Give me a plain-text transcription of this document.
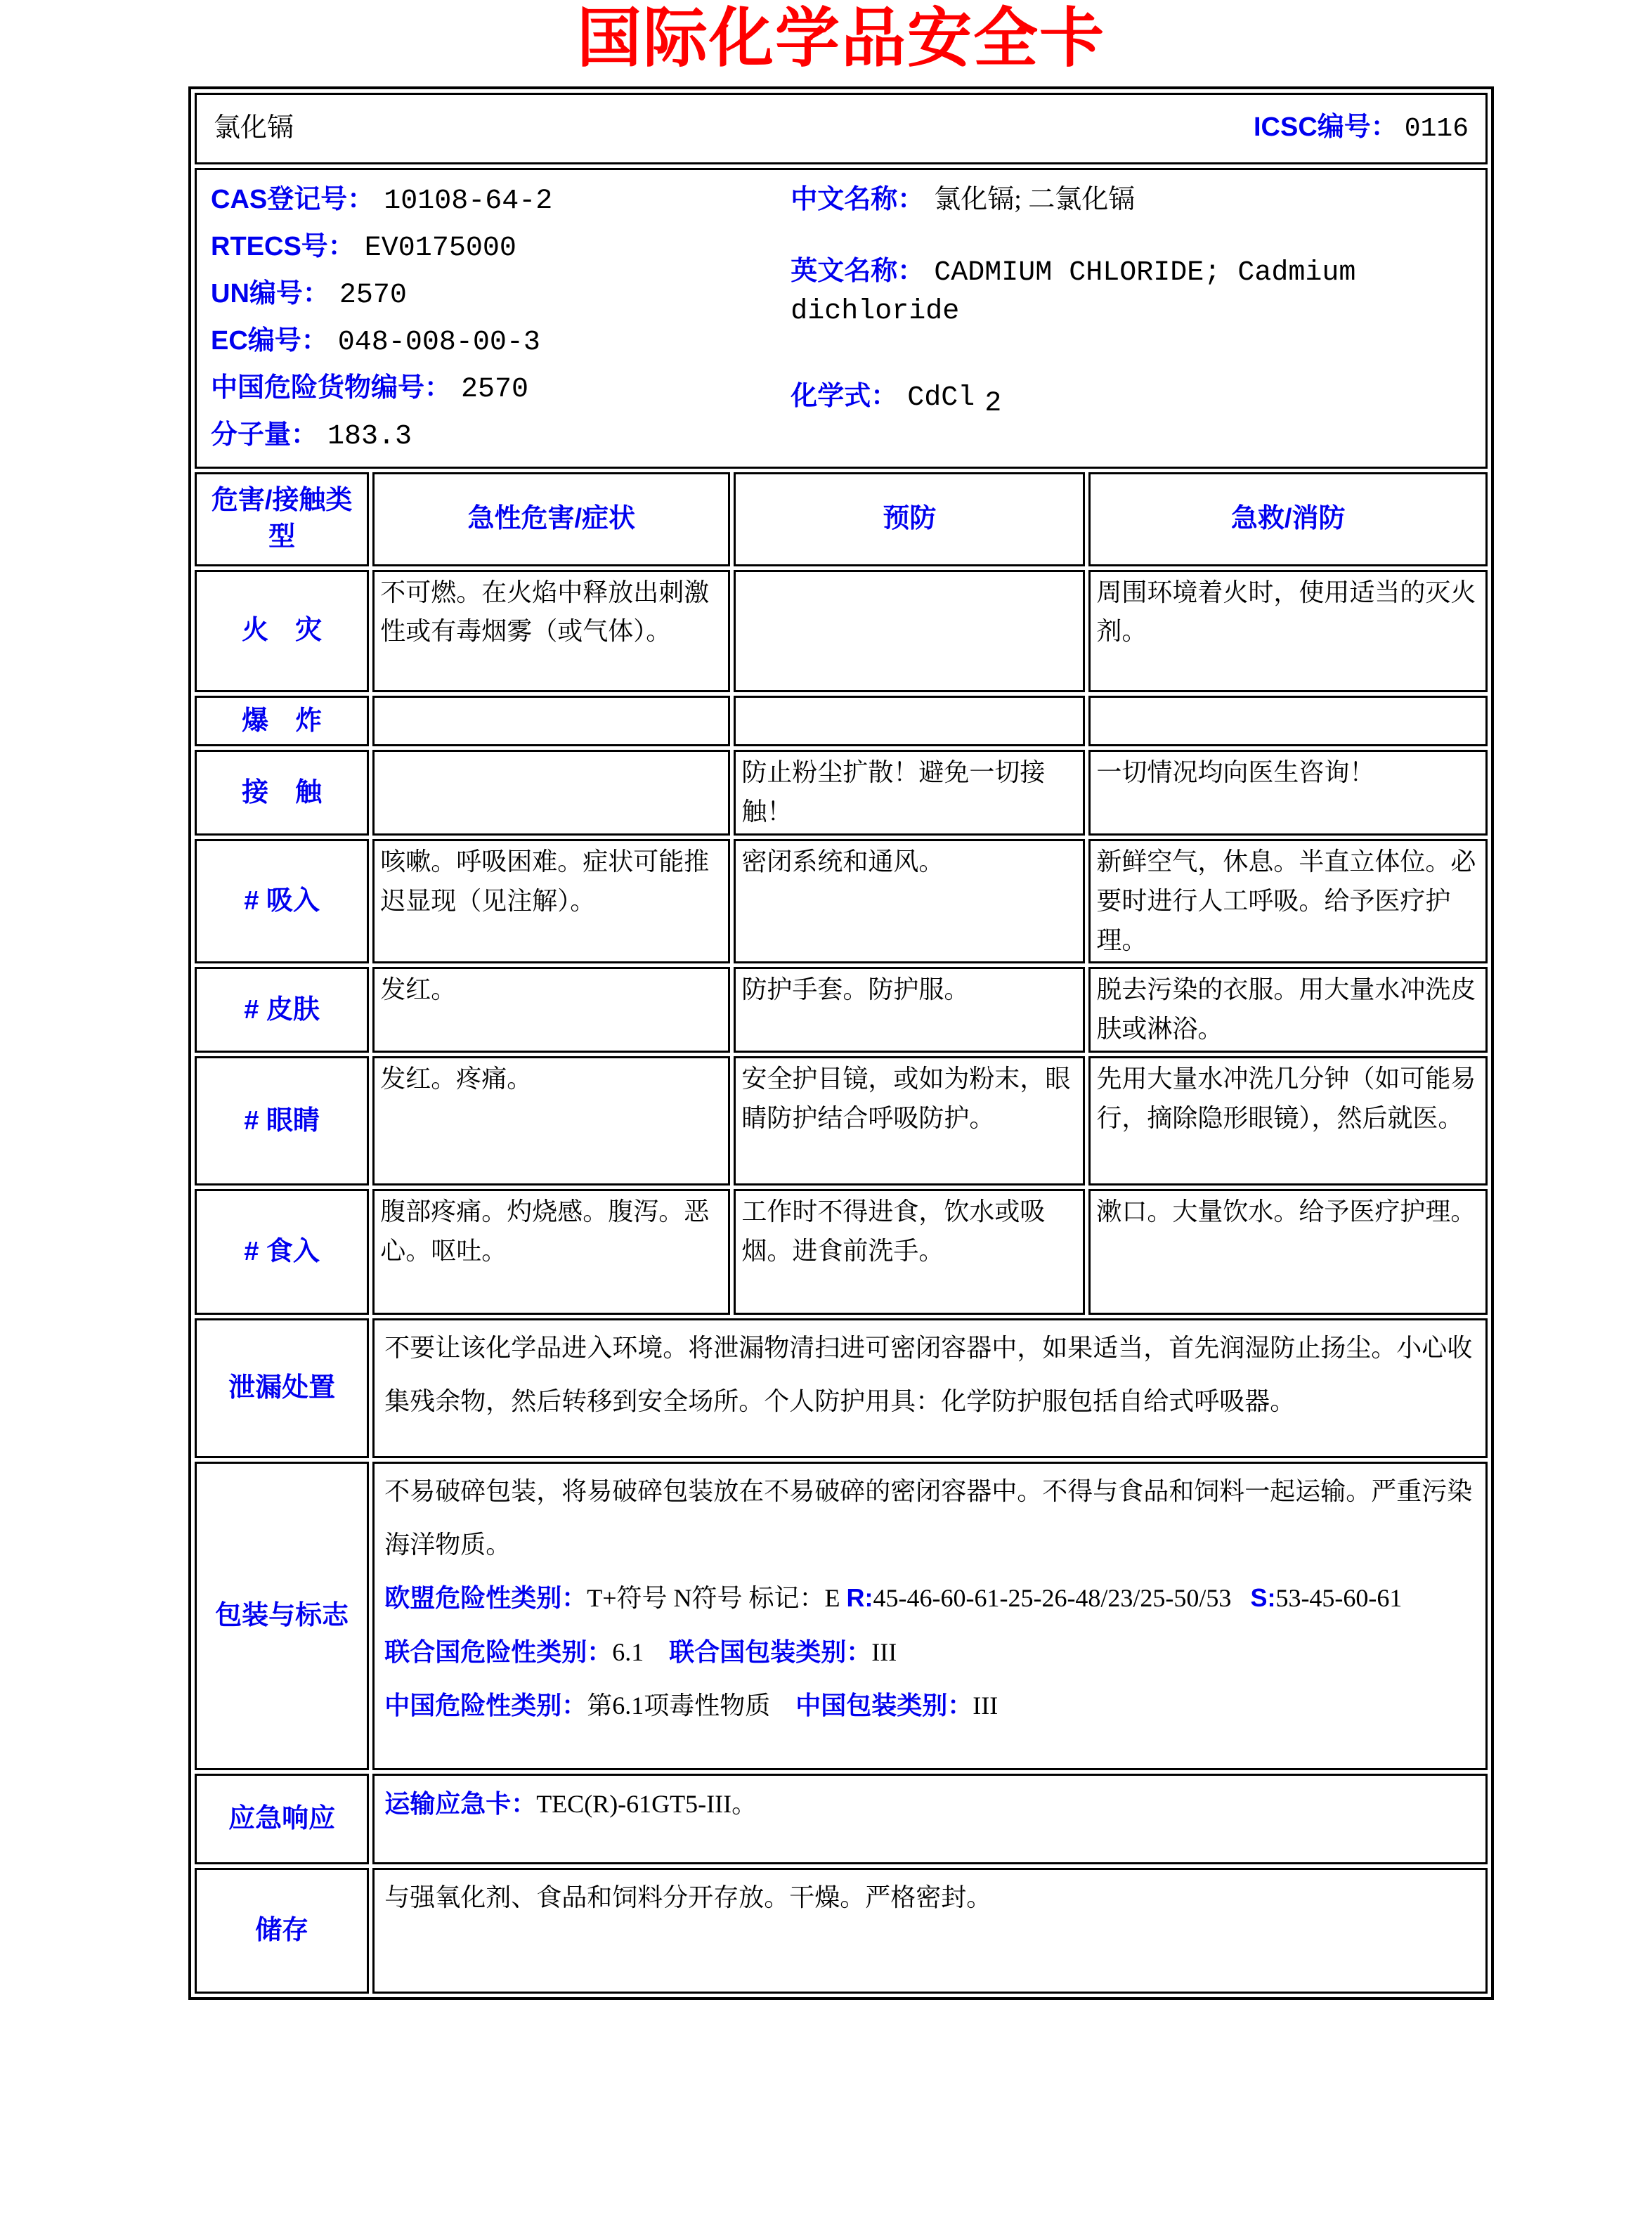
国际化学品安全卡
氯化镉 ICSC编号： 0116			

CAS登记号： 10108-64-2
RTECS号： EV0175000
UN编号： 2570
EC编号： 048-008-00-3
中国危险货物编号： 2570
分子量： 183.3
中文名称： 氯化镉; 二氯化镉
英文名称： CADMIUM CHLORIDE; Cadmium dichloride
化学式： CdCl $_2$

危害/接触类型	急性危害/症状	预防	急救/消防
火　灾	不可燃。在火焰中释放出刺激性或有毒烟雾（或气体）。		周围环境着火时，使用适当的灭火剂。
爆　炸			
接　触		防止粉尘扩散！避免一切接触！	一切情况均向医生咨询！
# 吸入	咳嗽。呼吸困难。症状可能推迟显现（见注解）。	密闭系统和通风。	新鲜空气，休息。半直立体位。必要时进行人工呼吸。给予医疗护理。
# 皮肤	发红。	防护手套。防护服。	脱去污染的衣服。用大量水冲洗皮肤或淋浴。
# 眼睛	发红。疼痛。	安全护目镜，或如为粉末，眼睛防护结合呼吸防护。	先用大量水冲洗几分钟（如可能易行，摘除隐形眼镜），然后就医。
# 食入	腹部疼痛。灼烧感。腹泻。恶心。呕吐。	工作时不得进食，饮水或吸烟。进食前洗手。	漱口。大量饮水。给予医疗护理。
泄漏处置	不要让该化学品进入环境。将泄漏物清扫进可密闭容器中，如果适当，首先润湿防止扬尘。小心收集残余物，然后转移到安全场所。个人防护用具：化学防护服包括自给式呼吸器。		

包装与标志	不易破碎包装，将易破碎包装放在不易破碎的密闭容器中。不得与食品和饲料一起运输。严重污染海洋物质。

欧盟危险性类别：T+符号 N符号 标记：E R:45-46-60-61-25-26-48/23/25-50/53   S:53-45-60-61

联合国危险性类别：6.1　联合国包装类别：III

中国危险性类别：第6.1项毒性物质　中国包装类别：III		

应急响应	运输应急卡：TEC(R)-61GT5-III。		

储存	与强氧化剂、食品和饲料分开存放。干燥。严格密封。		
